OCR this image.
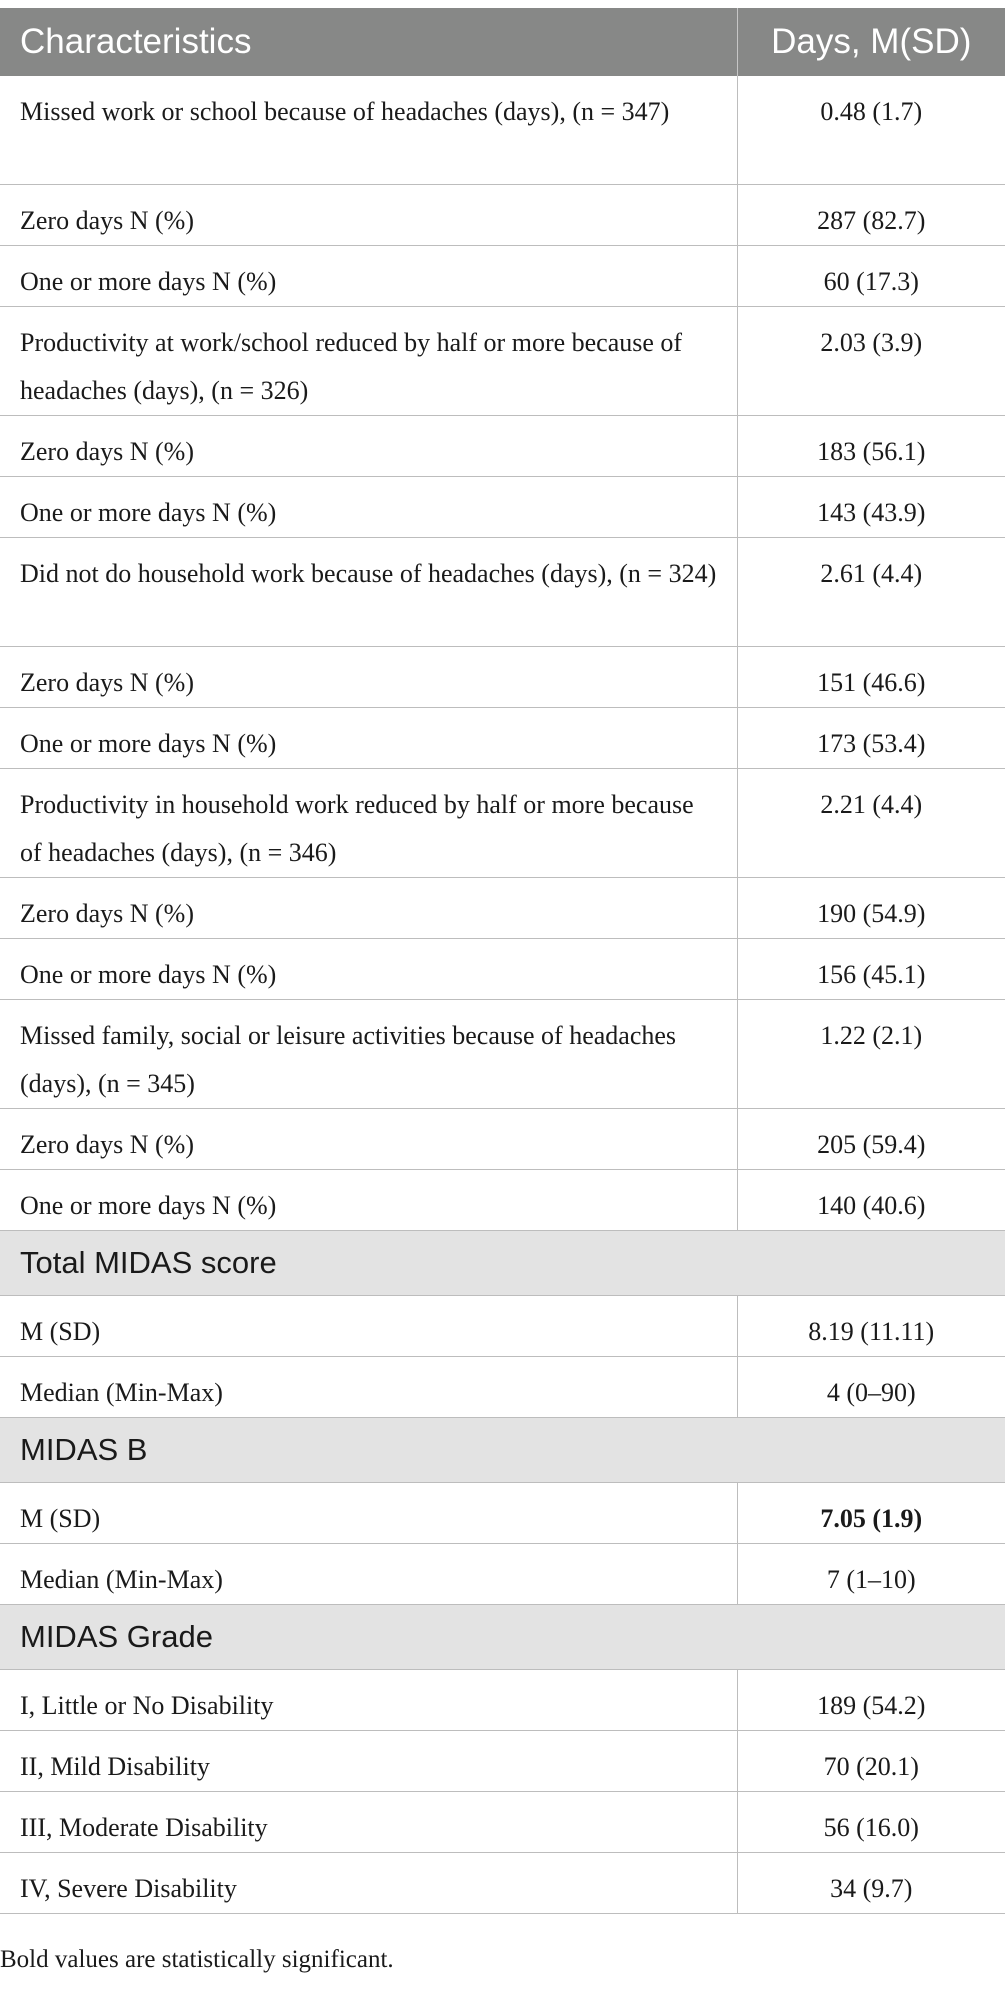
Characteristics	Days, M(SD)
Missed work or school because of headaches (days), (n = 347)	0.48 (1.7)
Zero days N (%)	287 (82.7)
One or more days N (%)	60 (17.3)
Productivity at work/school reduced by half or more because of headaches (days), (n = 326)	2.03 (3.9)
Zero days N (%)	183 (56.1)
One or more days N (%)	143 (43.9)
Did not do household work because of headaches (days), (n = 324)	2.61 (4.4)
Zero days N (%)	151 (46.6)
One or more days N (%)	173 (53.4)
Productivity in household work reduced by half or more because of headaches (days), (n = 346)	2.21 (4.4)
Zero days N (%)	190 (54.9)
One or more days N (%)	156 (45.1)
Missed family, social or leisure activities because of headaches (days), (n = 345)	1.22 (2.1)
Zero days N (%)	205 (59.4)
One or more days N (%)	140 (40.6)
Total MIDAS score	
M (SD)	8.19 (11.11)
Median (Min-Max)	4 (0–90)
MIDAS B	
M (SD)	7.05 (1.9)
Median (Min-Max)	7 (1–10)
MIDAS Grade	
I, Little or No Disability	189 (54.2)
II, Mild Disability	70 (20.1)
III, Moderate Disability	56 (16.0)
IV, Severe Disability	34 (9.7)
Bold values are statistically significant.
